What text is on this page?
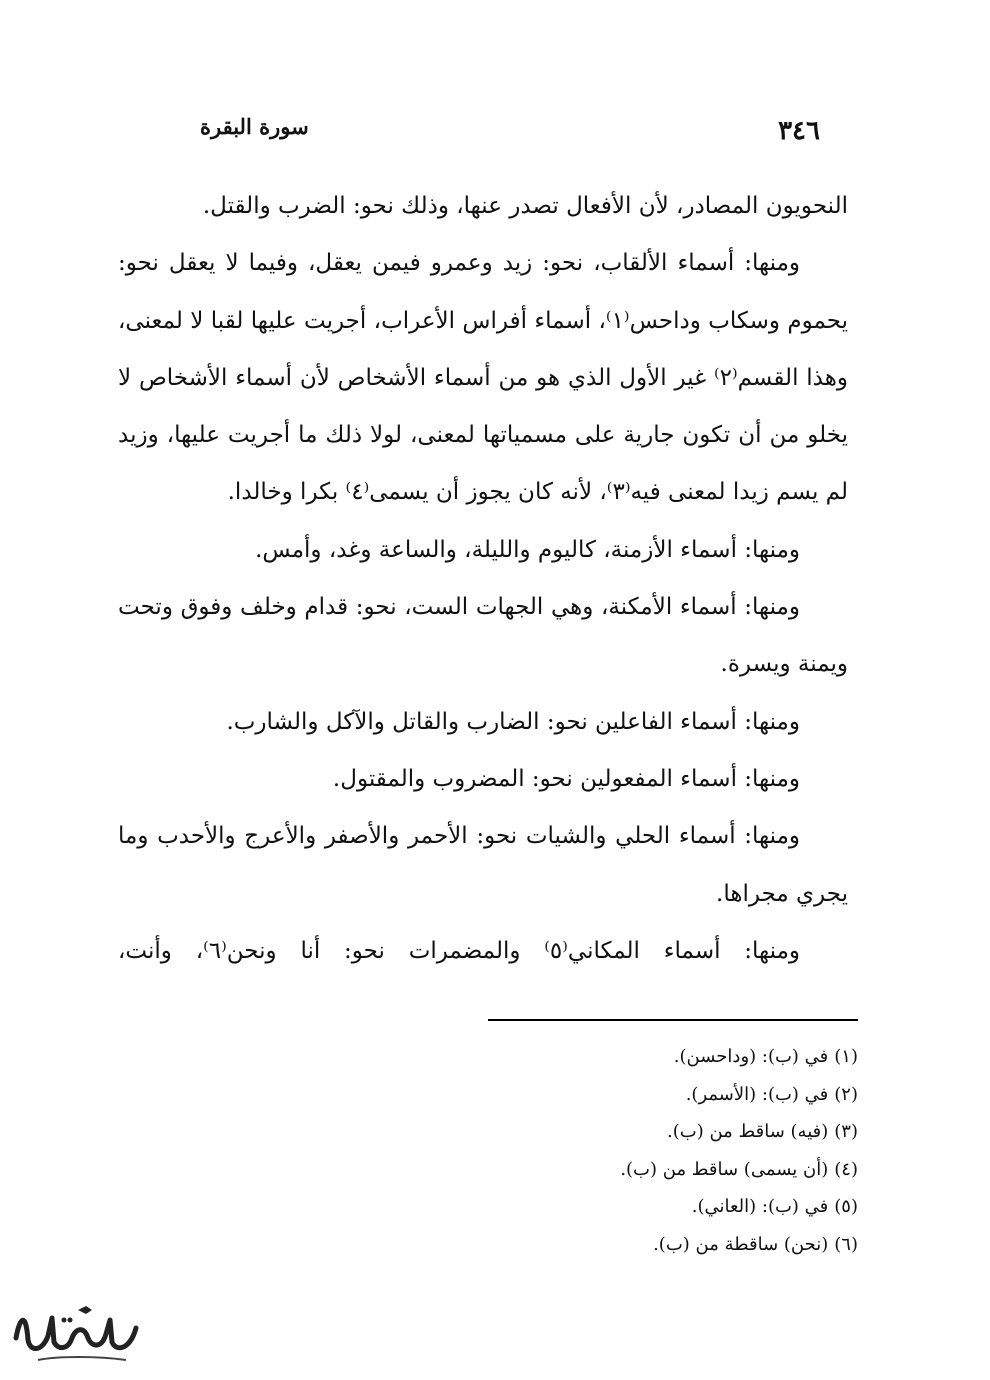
٣٤٦
سورة البقرة

النحويون المصادر، لأن الأفعال تصدر عنها، وذلك نحو: الضرب والقتل.

ومنها: أسماء الألقاب، نحو: زيد وعمرو فيمن يعقل، وفيما لا يعقل نحو: يحموم وسكاب وداحس⁽١⁾، أسماء أفراس الأعراب، أجريت عليها لقبا لا لمعنى، وهذا القسم⁽٢⁾ غير الأول الذي هو من أسماء الأشخاص لأن أسماء الأشخاص لا يخلو من أن تكون جارية على مسمياتها لمعنى، لولا ذلك ما أجريت عليها، وزيد لم يسم زيدا لمعنى فيه⁽٣⁾، لأنه كان يجوز أن يسمى⁽٤⁾ بكرا وخالدا.

ومنها: أسماء الأزمنة، كاليوم والليلة، والساعة وغد، وأمس.

ومنها: أسماء الأمكنة، وهي الجهات الست، نحو: قدام وخلف وفوق وتحت ويمنة ويسرة.

ومنها: أسماء الفاعلين نحو: الضارب والقاتل والآكل والشارب.

ومنها: أسماء المفعولين نحو: المضروب والمقتول.

ومنها: أسماء الحلي والشيات نحو: الأحمر والأصفر والأعرج والأحدب وما يجري مجراها.

ومنها: أسماء المكاني⁽٥⁾ والمضمرات نحو: أنا ونحن⁽٦⁾، وأنت،

(١)في (ب): (وداحسن).
(٢)في (ب): (الأسمر).
(٣)(فيه) ساقط من (ب).
(٤)(أن يسمى) ساقط من (ب).
(٥)في (ب): (العاني).
(٦)(نحن) ساقطة من (ب).
